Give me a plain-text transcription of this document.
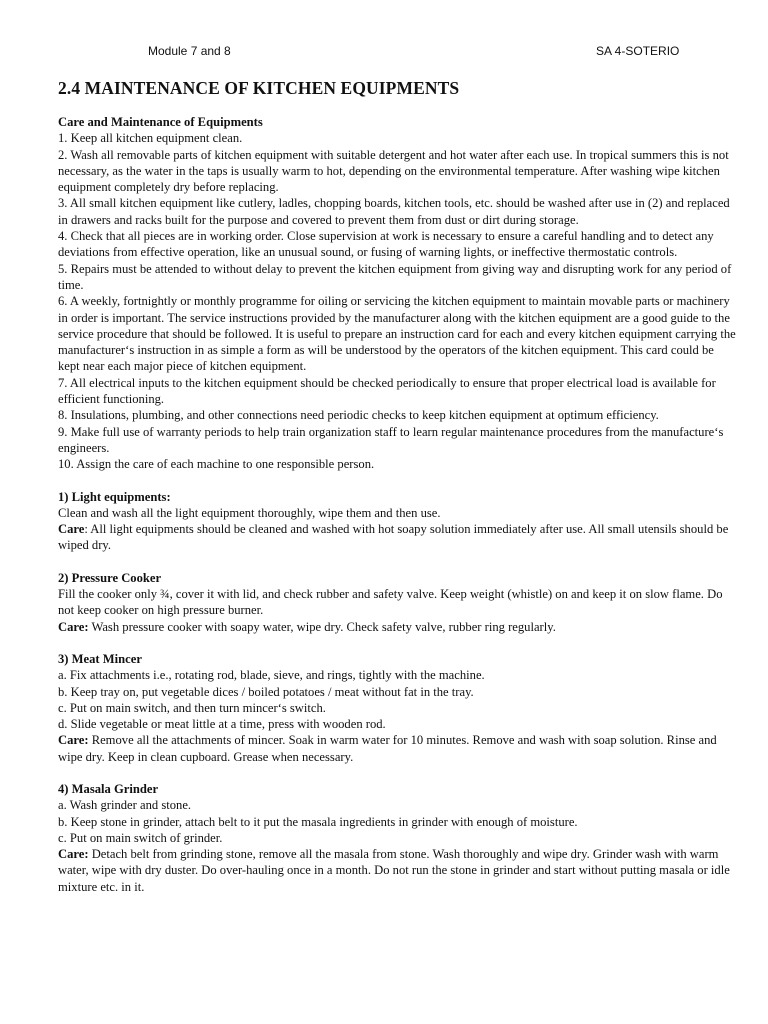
Module 7 and 8	SA 4-SOTERIO
2.4 MAINTENANCE OF KITCHEN EQUIPMENTS

Care and Maintenance of Equipments

1. Keep all kitchen equipment clean.

2. Wash all removable parts of kitchen equipment with suitable detergent and hot water after each use. In tropical summers this is not necessary, as the water in the taps is usually warm to hot, depending on the environmental temperature. After washing wipe kitchen equipment completely dry before replacing.

3. All small kitchen equipment like cutlery, ladles, chopping boards, kitchen tools, etc. should be washed after use in (2) and replaced in drawers and racks built for the purpose and covered to prevent them from dust or dirt during storage.

4. Check that all pieces are in working order. Close supervision at work is necessary to ensure a careful handling and to detect any deviations from effective operation, like an unusual sound, or fusing of warning lights, or ineffective thermostatic controls.

5. Repairs must be attended to without delay to prevent the kitchen equipment from giving way and disrupting work for any period of time.

6. A weekly, fortnightly or monthly programme for oiling or servicing the kitchen equipment to maintain movable parts or machinery in order is important. The service instructions provided by the manufacturer along with the kitchen equipment are a good guide to the service procedure that should be followed. It is useful to prepare an instruction card for each and every kitchen equipment carrying the manufacturer‘s instruction in as simple a form as will be understood by the operators of the kitchen equipment. This card could be kept near each major piece of kitchen equipment.

7. All electrical inputs to the kitchen equipment should be checked periodically to ensure that proper electrical load is available for efficient functioning.

8. Insulations, plumbing, and other connections need periodic checks to keep kitchen equipment at optimum efficiency.

9. Make full use of warranty periods to help train organization staff to learn regular maintenance procedures from the manufacture‘s engineers.

10. Assign the care of each machine to one responsible person.

1) Light equipments:

Clean and wash all the light equipment thoroughly, wipe them and then use.

Care: All light equipments should be cleaned and washed with hot soapy solution immediately after use. All small utensils should be wiped dry.

2) Pressure Cooker

Fill the cooker only ¾, cover it with lid, and check rubber and safety valve. Keep weight (whistle) on and keep it on slow flame. Do not keep cooker on high pressure burner.

Care: Wash pressure cooker with soapy water, wipe dry. Check safety valve, rubber ring regularly.

3) Meat Mincer

a. Fix attachments i.e., rotating rod, blade, sieve, and rings, tightly with the machine.

b. Keep tray on, put vegetable dices / boiled potatoes / meat without fat in the tray.

c. Put on main switch, and then turn mincer‘s switch.

d. Slide vegetable or meat little at a time, press with wooden rod.

Care: Remove all the attachments of mincer. Soak in warm water for 10 minutes. Remove and wash with soap solution. Rinse and wipe dry. Keep in clean cupboard. Grease when necessary.

4) Masala Grinder

a. Wash grinder and stone.

b. Keep stone in grinder, attach belt to it put the masala ingredients in grinder with enough of moisture.

c. Put on main switch of grinder.

Care: Detach belt from grinding stone, remove all the masala from stone. Wash thoroughly and wipe dry. Grinder wash with warm water, wipe with dry duster. Do over-hauling once in a month. Do not run the stone in grinder and start without putting masala or idle mixture etc. in it.
